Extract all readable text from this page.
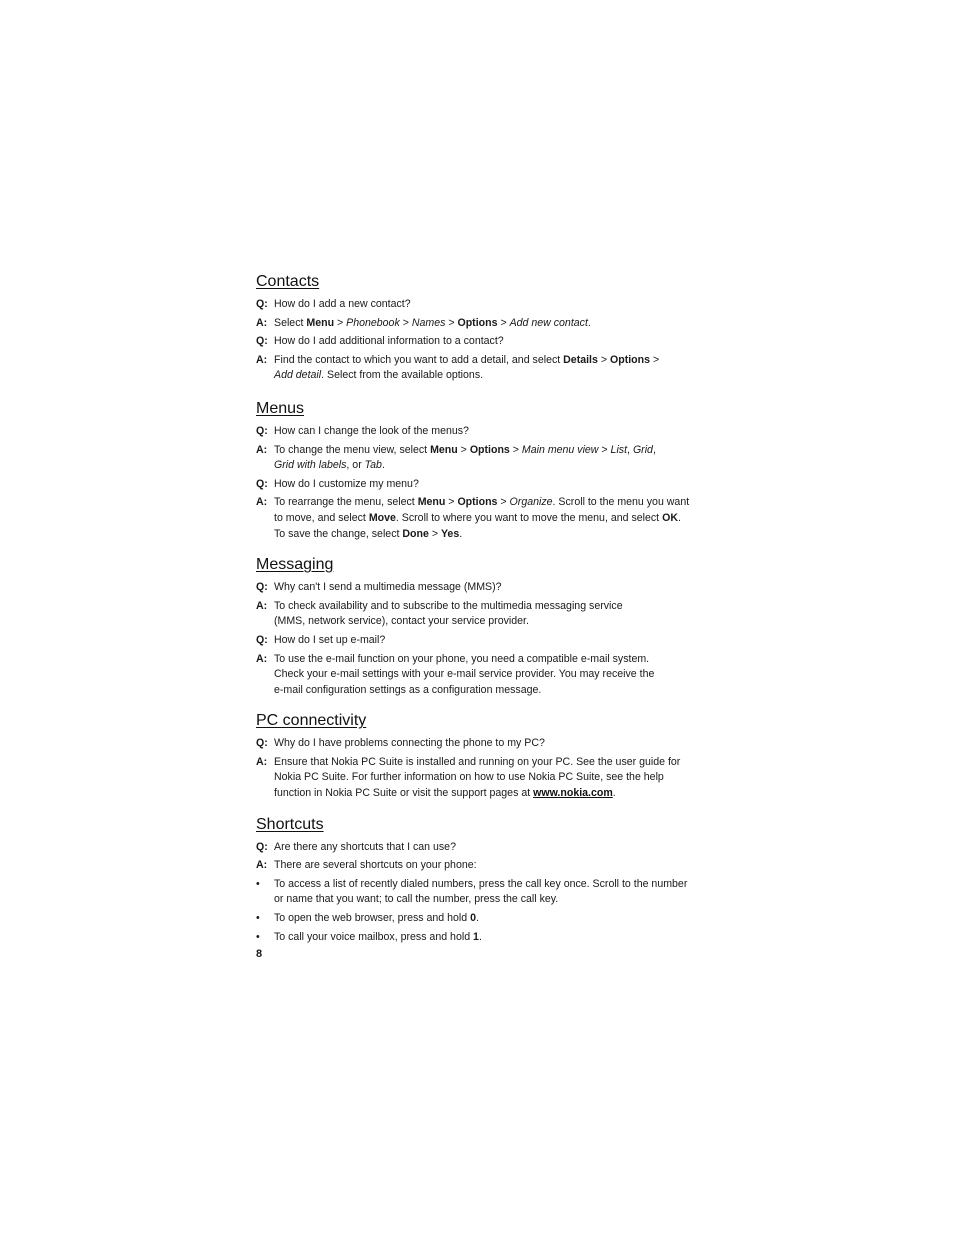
Contacts
Q: How do I add a new contact?
A: Select Menu > Phonebook > Names > Options > Add new contact.
Q: How do I add additional information to a contact?
A: Find the contact to which you want to add a detail, and select Details > Options >
Add detail. Select from the available options.
Menus
Q: How can I change the look of the menus?
A: To change the menu view, select Menu > Options > Main menu view > List, Grid,
Grid with labels, or Tab.
Q: How do I customize my menu?
A: To rearrange the menu, select Menu > Options > Organize. Scroll to the menu you want
to move, and select Move. Scroll to where you want to move the menu, and select OK.
To save the change, select Done > Yes.
Messaging
Q: Why can't I send a multimedia message (MMS)?
A: To check availability and to subscribe to the multimedia messaging service
(MMS, network service), contact your service provider.
Q: How do I set up e-mail?
A: To use the e-mail function on your phone, you need a compatible e-mail system.
Check your e-mail settings with your e-mail service provider. You may receive the
e-mail configuration settings as a configuration message.
PC connectivity
Q: Why do I have problems connecting the phone to my PC?
A: Ensure that Nokia PC Suite is installed and running on your PC. See the user guide for
Nokia PC Suite. For further information on how to use Nokia PC Suite, see the help
function in Nokia PC Suite or visit the support pages at www.nokia.com.
Shortcuts
Q: Are there any shortcuts that I can use?
A: There are several shortcuts on your phone:
•	To access a list of recently dialed numbers, press the call key once. Scroll to the number
or name that you want; to call the number, press the call key.
•	To open the web browser, press and hold 0.
•	To call your voice mailbox, press and hold 1.
8
